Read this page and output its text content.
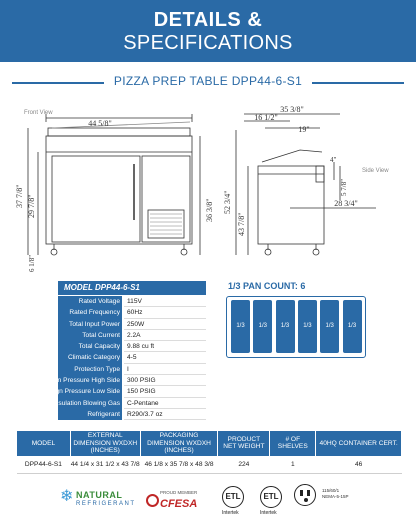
DETAILS &
SPECIFICATIONS
PIZZA PREP TABLE DPP44-6-S1
Front View
44 5/8"
37 7/8" 29 7/8"
6 1/8"
36 3/8"
Side View
35 3/8"
16 1/2"
19"
52 3/4"
43 7/8"
4"
5 7/8"
28 3/4"
MODEL DPP44-6-S1
Rated Voltage	115V
Rated Frequency	60Hz
Total Input Power	250W
Total Current	2.2A
Total Capacity	9.88 cu ft
Climatic Category	4-5
Protection Type	I
Design Pressure High Side	300 PSIG
Design Pressure Low Side	150 PSIG
Insulation Blowing Gas	C-Pentane
Refrigerant	R290/3.7 oz
1/3 PAN COUNT: 6
1/3	1/3	1/3	1/3	1/3	1/3
MODEL	EXTERNAL DIMENSION WXDXH (INCHES)	PACKAGING DIMENSION WXDXH (INCHES)	PRODUCT NET WEIGHT	# OF SHELVES	40HQ CONTAINER CERT.
DPP44-6-S1	44 1/4 x 31 1/2 x 43 7/8	46 1/8 x 35 7/8 x 48 3/8	224	1	46
❄ NATURAL
REFRIGERANT
PROUD MEMBER
CFESA
ETL
Intertek
ETL
Intertek
115/60/1
NEMA-5-15P
